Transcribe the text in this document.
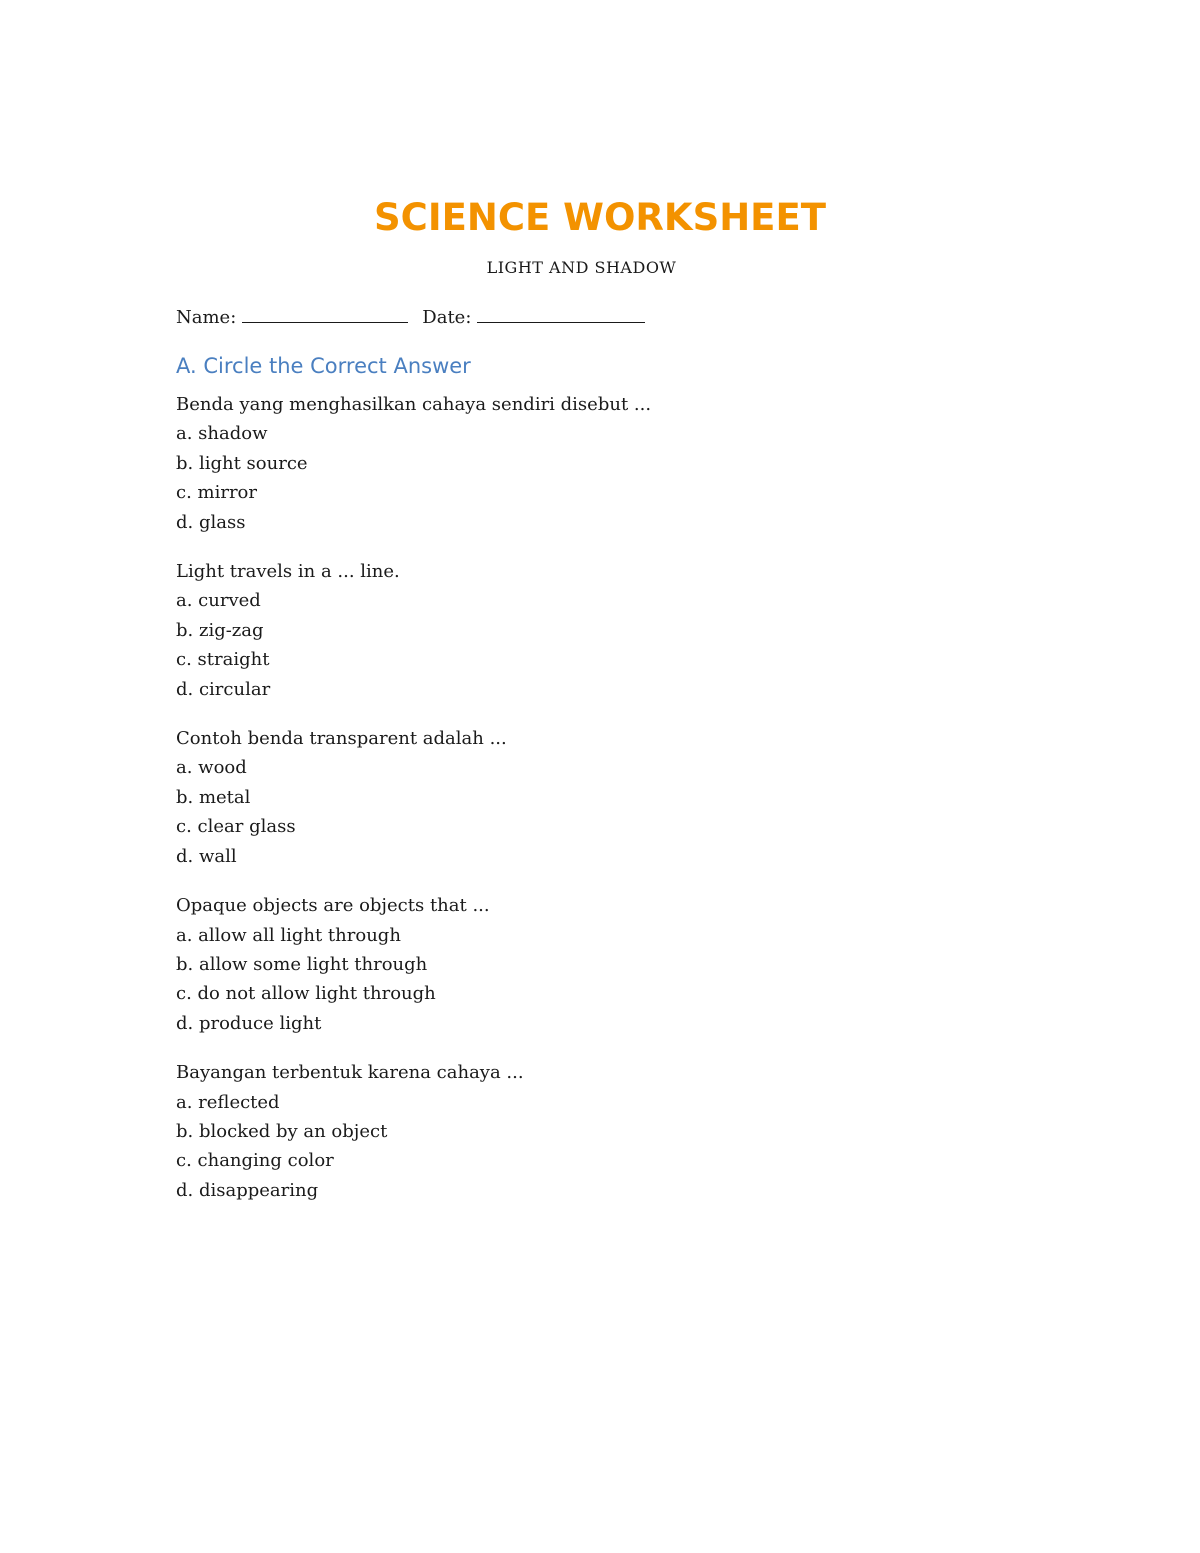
SCIENCE WORKSHEET
LIGHT AND SHADOW
Name:	Date:
A. Circle the Correct Answer
Benda yang menghasilkan cahaya sendiri disebut ...
a. shadow
b. light source
c. mirror
d. glass
Light travels in a ... line.
a. curved
b. zig-zag
c. straight
d. circular
Contoh benda transparent adalah ...
a. wood
b. metal
c. clear glass
d. wall
Opaque objects are objects that ...
a. allow all light through
b. allow some light through
c. do not allow light through
d. produce light
Bayangan terbentuk karena cahaya ...
a. reflected
b. blocked by an object
c. changing color
d. disappearing
